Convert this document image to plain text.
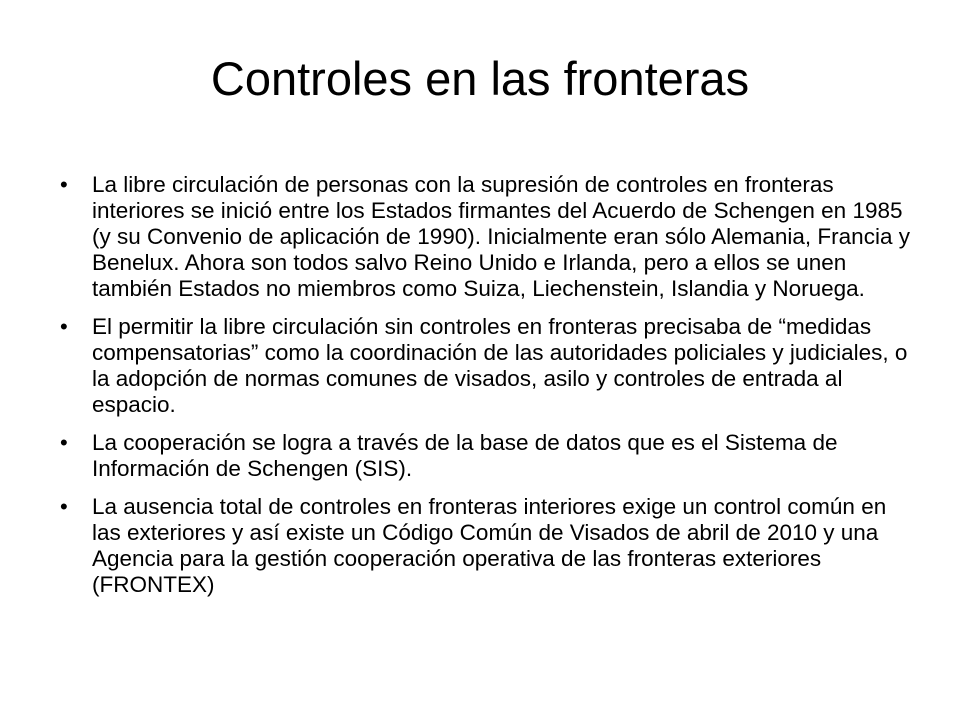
Controles en las fronteras
•	La libre circulación de personas con la supresión de controles en fronteras interiores se inició entre los Estados firmantes del Acuerdo de Schengen en 1985 (y su Convenio de aplicación de 1990). Inicialmente eran sólo Alemania, Francia y Benelux. Ahora son todos salvo Reino Unido e Irlanda, pero a ellos se unen también Estados no miembros como Suiza, Liechenstein, Islandia y Noruega.
•	El permitir la libre circulación sin controles en fronteras precisaba de “medidas compensatorias” como la coordinación de las autoridades policiales y judiciales, o la adopción de normas comunes de visados, asilo y controles de entrada al espacio.
•	La cooperación se logra a través de la base de datos que es el Sistema de Información de Schengen (SIS).
•	La ausencia total de controles en fronteras interiores exige un control común en las exteriores y así existe un Código Común de Visados de abril de 2010 y una Agencia para la gestión cooperación operativa de las fronteras exteriores (FRONTEX)
